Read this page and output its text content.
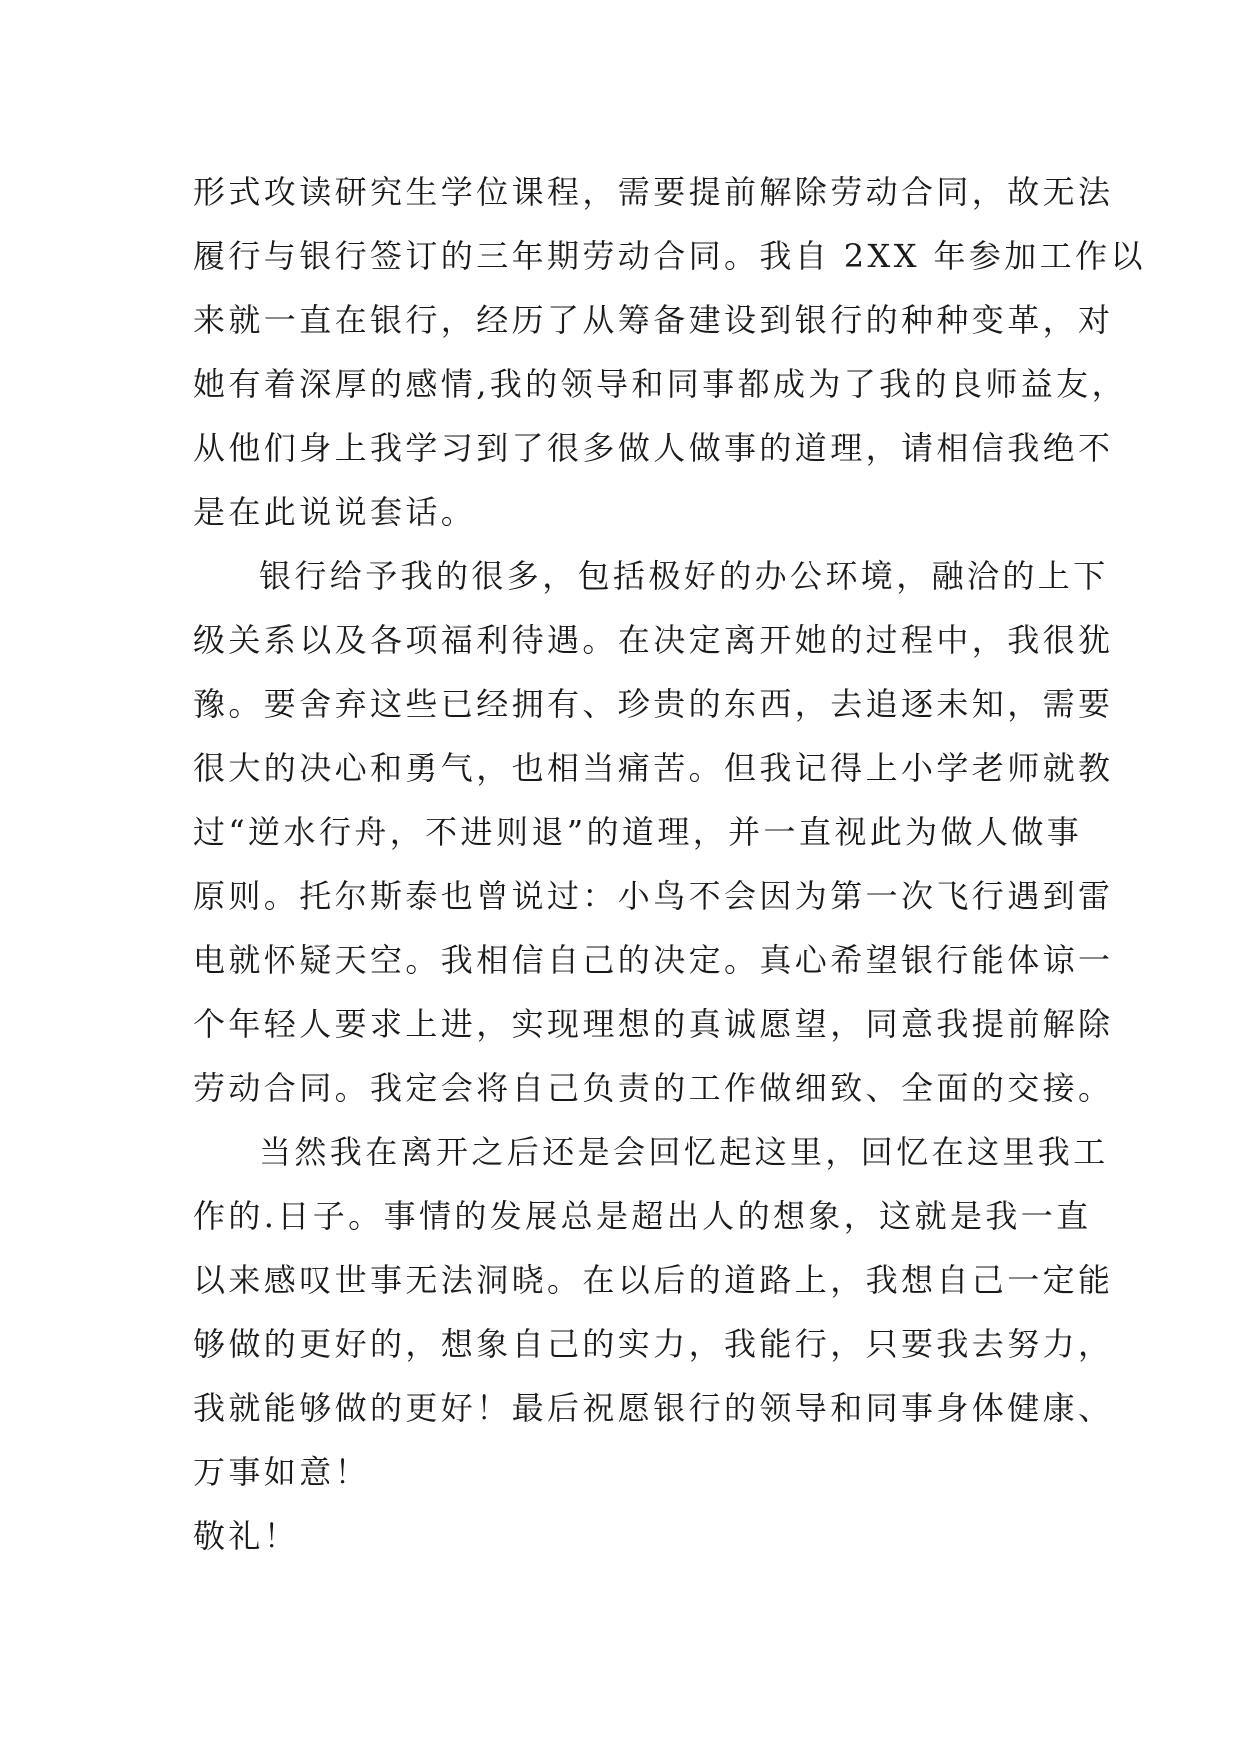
形式攻读研究生学位课程，需要提前解除劳动合同，故无法
履行与银行签订的三年期劳动合同。我自 2XX 年参加工作以
来就一直在银行，经历了从筹备建设到银行的种种变革，对
她有着深厚的感情,我的领导和同事都成为了我的良师益友，
从他们身上我学习到了很多做人做事的道理，请相信我绝不
是在此说说套话。
银行给予我的很多，包括极好的办公环境，融洽的上下
级关系以及各项福利待遇。在决定离开她的过程中，我很犹
豫。要舍弃这些已经拥有、珍贵的东西，去追逐未知，需要
很大的决心和勇气，也相当痛苦。但我记得上小学老师就教
过“逆水行舟，不进则退”的道理，并一直视此为做人做事
原则。托尔斯泰也曾说过：小鸟不会因为第一次飞行遇到雷
电就怀疑天空。我相信自己的决定。真心希望银行能体谅一
个年轻人要求上进，实现理想的真诚愿望，同意我提前解除
劳动合同。我定会将自己负责的工作做细致、全面的交接。
当然我在离开之后还是会回忆起这里，回忆在这里我工
作的.日子。事情的发展总是超出人的想象，这就是我一直
以来感叹世事无法洞晓。在以后的道路上，我想自己一定能
够做的更好的，想象自己的实力，我能行，只要我去努力，
我就能够做的更好！最后祝愿银行的领导和同事身体健康、
万事如意！
敬礼！
